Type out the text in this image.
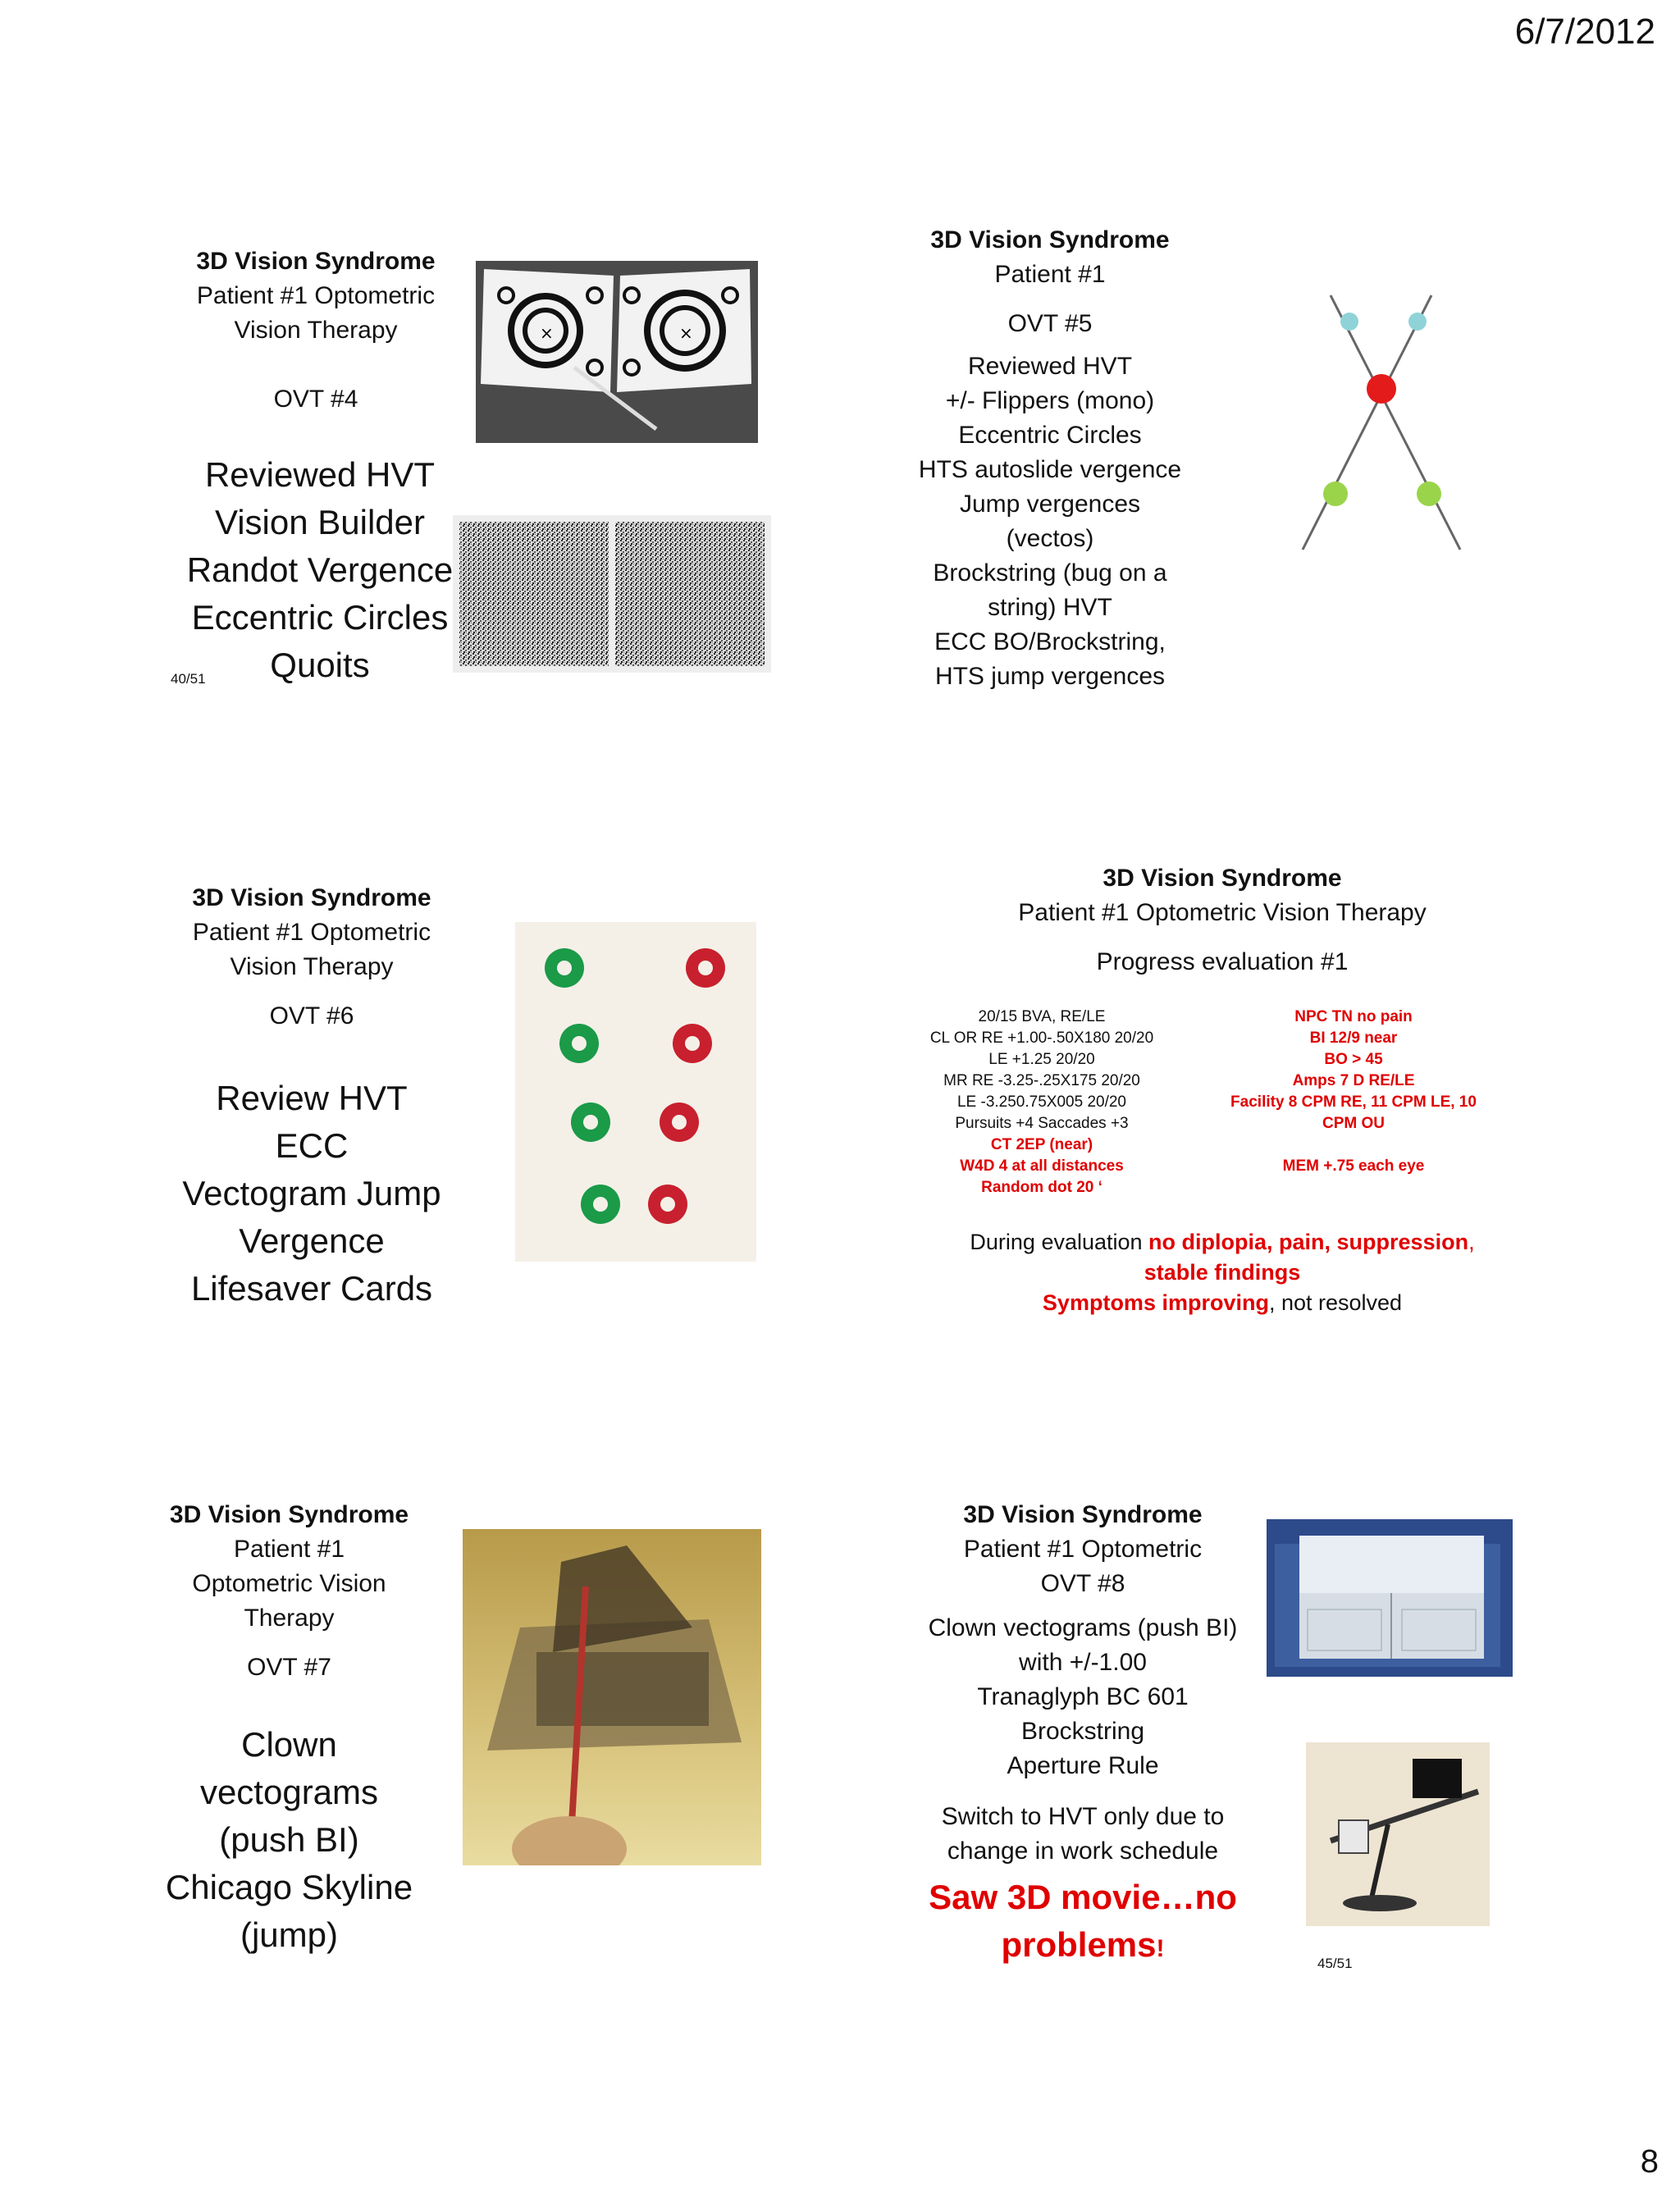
6/7/2012
8
3D Vision Syndrome
Patient #1 Optometric
Vision Therapy
OVT #4
Reviewed HVT
Vision Builder
Randot Vergence
Eccentric Circles
Quoits
40/51
×	×
3D Vision Syndrome
Patient #1
OVT #5
Reviewed HVT
+/- Flippers (mono)
Eccentric Circles
HTS autoslide vergence
Jump vergences
(vectos)
Brockstring (bug on a
string) HVT
ECC BO/Brockstring,
HTS jump vergences
3D Vision Syndrome
Patient #1 Optometric
Vision Therapy
OVT #6
Review HVT
ECC
Vectogram Jump
Vergence
Lifesaver Cards
3D Vision Syndrome
Patient #1 Optometric Vision Therapy
Progress evaluation #1
20/15 BVA, RE/LE
CL OR RE +1.00-.50X180 20/20
LE +1.25 20/20
MR RE -3.25-.25X175 20/20
LE -3.250.75X005 20/20
Pursuits +4 Saccades +3
CT 2EP (near)
W4D 4 at all distances
Random dot 20 ‘
NPC TN no pain
BI 12/9 near
BO > 45
Amps 7 D RE/LE
Facility 8 CPM RE, 11 CPM LE, 10
CPM OU
MEM +.75 each eye
During evaluation no diplopia, pain, suppression,
stable findings
Symptoms improving, not resolved
3D Vision Syndrome
Patient #1
Optometric Vision
Therapy
OVT #7
Clown
vectograms
(push BI)
Chicago Skyline
(jump)
3D Vision Syndrome
Patient #1 Optometric
OVT #8
Clown vectograms (push BI)
with +/-1.00
Tranaglyph BC 601
Brockstring
Aperture Rule
Switch to HVT only due to
change in work schedule
Saw 3D movie…no
problems!
45/51
